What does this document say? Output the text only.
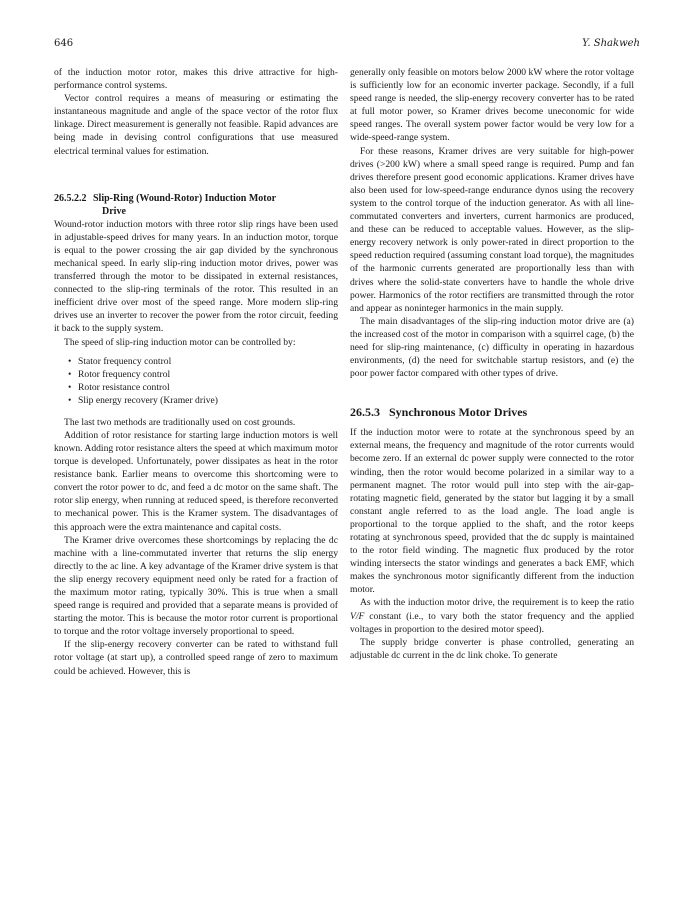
646	Y. Shakweh

of the induction motor rotor, makes this drive attractive for high-performance control systems.

Vector control requires a means of measuring or estimating the instantaneous magnitude and angle of the space vector of the rotor flux linkage. Direct measurement is generally not feasible. Rapid advances are being made in devising control configurations that use measured electrical terminal values for estimation.

26.5.2.2 Slip-Ring (Wound-Rotor) Induction Motor
Drive

Wound-rotor induction motors with three rotor slip rings have been used in adjustable-speed drives for many years. In an induction motor, torque is equal to the power crossing the air gap divided by the synchronous mechanical speed. In early slip-ring induction motor drives, power was transferred through the motor to be dissipated in external resistances, connected to the slip-ring terminals of the rotor. This resulted in an inefficient drive over most of the speed range. More modern slip-ring drives use an inverter to recover the power from the rotor circuit, feeding it back to the supply system.

The speed of slip-ring induction motor can be controlled by:

• Stator frequency control
• Rotor frequency control
• Rotor resistance control
• Slip energy recovery (Kramer drive)

The last two methods are traditionally used on cost grounds.

Addition of rotor resistance for starting large induction motors is well known. Adding rotor resistance alters the speed at which maximum motor torque is developed. Unfortunately, power dissipates as heat in the rotor resistance bank. Earlier means to overcome this shortcoming were to convert the rotor power to dc, and feed a dc motor on the same shaft. The rotor slip energy, when running at reduced speed, is therefore reconverted to mechanical power. This is the Kramer system. The disadvantages of this approach were the extra maintenance and capital costs.

The Kramer drive overcomes these shortcomings by replacing the dc machine with a line-commutated inverter that returns the slip energy directly to the ac line. A key advantage of the Kramer drive system is that the slip energy recovery equipment need only be rated for a fraction of the maximum motor rating, typically 30%. This is true when a small speed range is required and provided that a separate means is provided of starting the motor. This is because the motor rotor current is proportional to torque and the rotor voltage inversely proportional to speed.

If the slip-energy recovery converter can be rated to withstand full rotor voltage (at start up), a controlled speed range of zero to maximum could be achieved. However, this is

generally only feasible on motors below 2000 kW where the rotor voltage is sufficiently low for an economic inverter package. Secondly, if a full speed range is needed, the slip-energy recovery converter has to be rated at full motor power, so Kramer drives become uneconomic for wide speed ranges. The overall system power factor would be very low for a wide-speed-range system.

For these reasons, Kramer drives are very suitable for high-power drives (>200 kW) where a small speed range is required. Pump and fan drives therefore present good economic applications. Kramer drives have also been used for low-speed-range endurance dynos using the recovery system to the control torque of the induction generator. As with all line-commutated converters and inverters, current harmonics are produced, and these can be reduced to acceptable values. However, as the slip-energy recovery network is only power-rated in direct proportion to the speed reduction required (assuming constant load torque), the magnitudes of the harmonic currents generated are proportionally less than with drives where the solid-state converters have to handle the whole drive power. Harmonics of the rotor rectifiers are transmitted through the rotor and appear as noninteger harmonics in the main supply.

The main disadvantages of the slip-ring induction motor drive are (a) the increased cost of the motor in comparison with a squirrel cage, (b) the need for slip-ring maintenance, (c) difficulty in operating in hazardous environments, (d) the need for switchable startup resistors, and (e) the poor power factor compared with other types of drive.

26.5.3 Synchronous Motor Drives

If the induction motor were to rotate at the synchronous speed by an external means, the frequency and magnitude of the rotor currents would become zero. If an external dc power supply were connected to the rotor winding, then the rotor would become polarized in a similar way to a permanent magnet. The rotor would pull into step with the air-gap-rotating magnetic field, generated by the stator but lagging it by a small constant angle referred to as the load angle. The load angle is proportional to the torque applied to the shaft, and the rotor keeps rotating at synchronous speed, provided that the dc supply is maintained to the rotor field winding. The magnetic flux produced by the rotor winding intersects the stator windings and generates a back EMF, which makes the synchronous motor significantly different from the induction motor.

As with the induction motor drive, the requirement is to keep the ratio V/F constant (i.e., to vary both the stator frequency and the applied voltages in proportion to the desired motor speed).

The supply bridge converter is phase controlled, generating an adjustable dc current in the dc link choke. To generate
